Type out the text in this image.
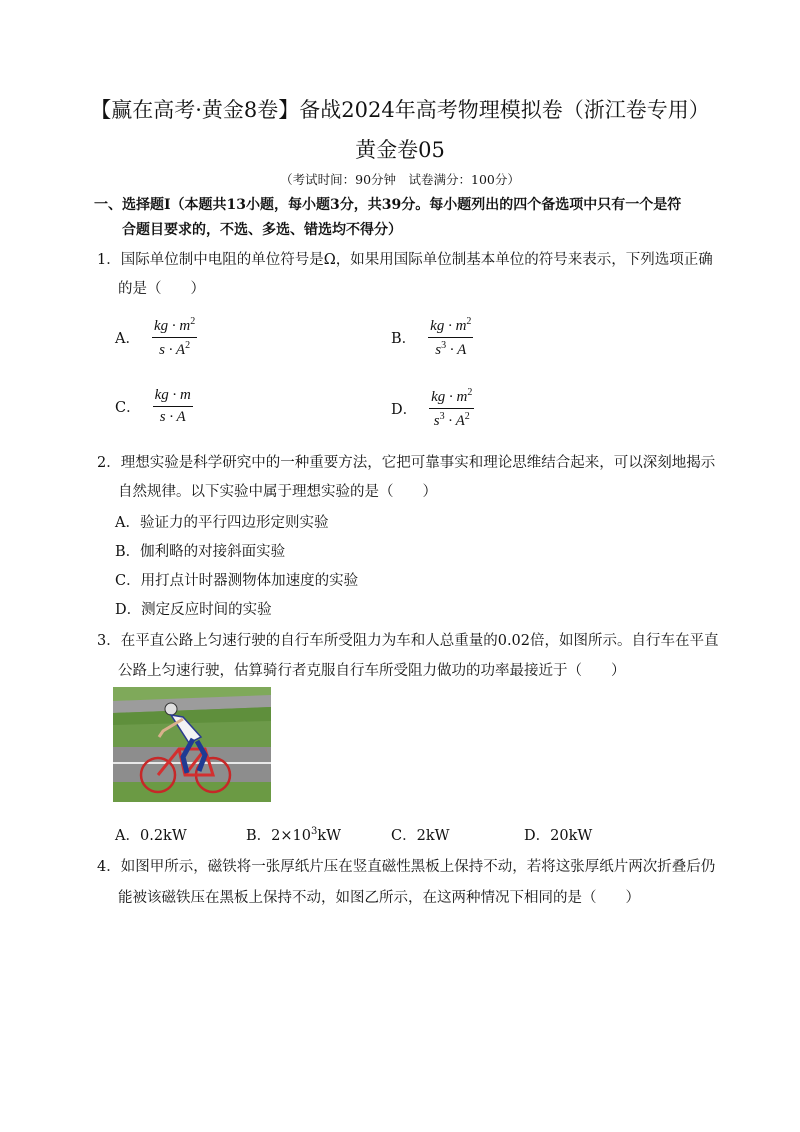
【赢在高考·黄金8卷】备战2024年高考物理模拟卷（浙江卷专用）
黄金卷05
（考试时间：90分钟　试卷满分：100分）
一、选择题Ⅰ（本题共13小题，每小题3分，共39分。每小题列出的四个备选项中只有一个是符
合题目要求的，不选、多选、错选均不得分）
1．国际单位制中电阻的单位符号是Ω，如果用国际单位制基本单位的符号来表示，下列选项正确
的是（　　）
A． $\frac{kg \cdot m^2}{s \cdot A^2}$	B． $\frac{kg \cdot m^2}{s^3 \cdot A}$
C． $\frac{kg \cdot m}{s \cdot A}$	D． $\frac{kg \cdot m^2}{s^3 \cdot A^2}$
2．理想实验是科学研究中的一种重要方法，它把可靠事实和理论思维结合起来，可以深刻地揭示
自然规律。以下实验中属于理想实验的是（　　）
A．验证力的平行四边形定则实验
B．伽利略的对接斜面实验
C．用打点计时器测物体加速度的实验
D．测定反应时间的实验
3．在平直公路上匀速行驶的自行车所受阻力为车和人总重量的0.02倍，如图所示。自行车在平直
公路上匀速行驶，估算骑行者克服自行车所受阻力做功的功率最接近于（　　）
A．0.2kW	B．$2\times 10^3kW$	C．2kW	D．20kW
4．如图甲所示，磁铁将一张厚纸片压在竖直磁性黑板上保持不动，若将这张厚纸片两次折叠后仍
能被该磁铁压在黑板上保持不动，如图乙所示，在这两种情况下相同的是（　　）
